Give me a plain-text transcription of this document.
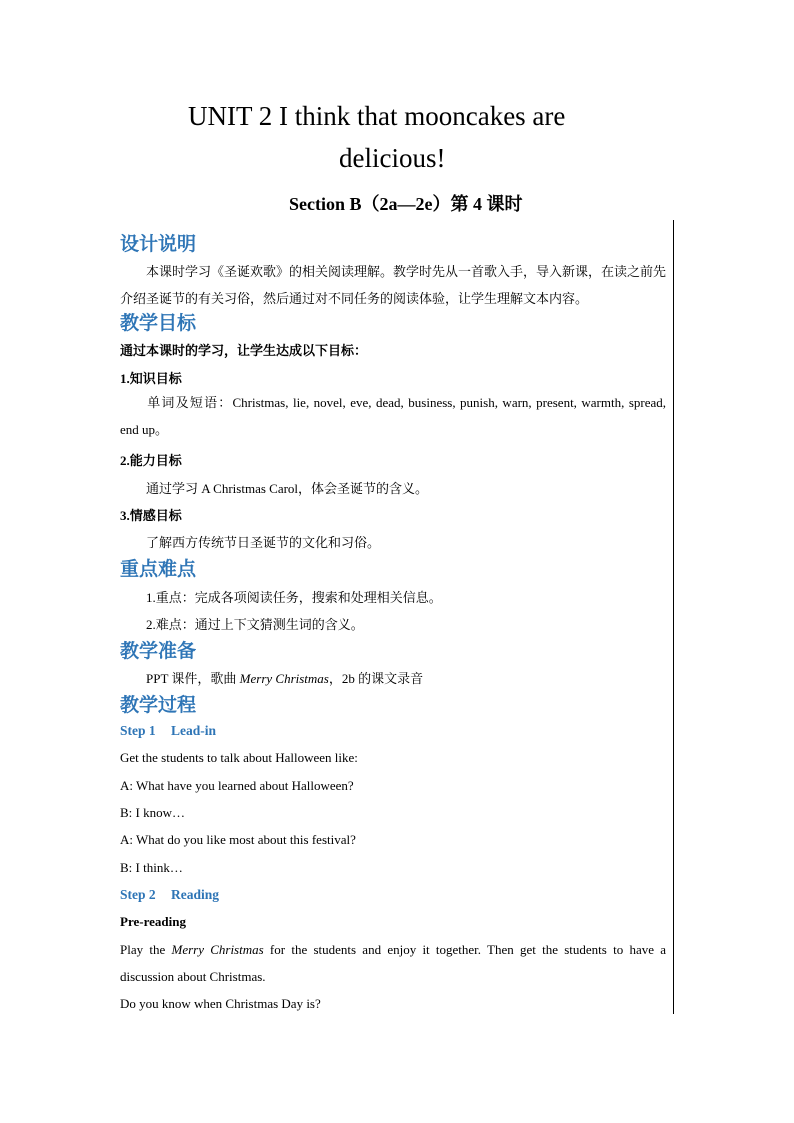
UNIT 2 I think that mooncakes are
delicious!
Section B（2a—2e）第 4 课时
设计说明
本课时学习《圣诞欢歌》的相关阅读理解。教学时先从一首歌入手，导入新课，在读之前先介绍圣诞节的有关习俗，然后通过对不同任务的阅读体验，让学生理解文本内容。
教学目标
通过本课时的学习，让学生达成以下目标：
1.知识目标
单词及短语：Christmas, lie, novel, eve, dead, business, punish, warn, present, warmth, spread, end up。
2.能力目标
通过学习 A Christmas Carol，体会圣诞节的含义。
3.情感目标
了解西方传统节日圣诞节的文化和习俗。
重点难点
1.重点：完成各项阅读任务，搜索和处理相关信息。
2.难点：通过上下文猜测生词的含义。
教学准备
PPT 课件，歌曲 Merry Christmas，2b 的课文录音
教学过程
Step 1 Lead-in
Get the students to talk about Halloween like:
A: What have you learned about Halloween?
B: I know…
A: What do you like most about this festival?
B: I think…
Step 2 Reading
Pre-reading
Play the Merry Christmas for the students and enjoy it together. Then get the students to have a discussion about Christmas.
Do you know when Christmas Day is?
